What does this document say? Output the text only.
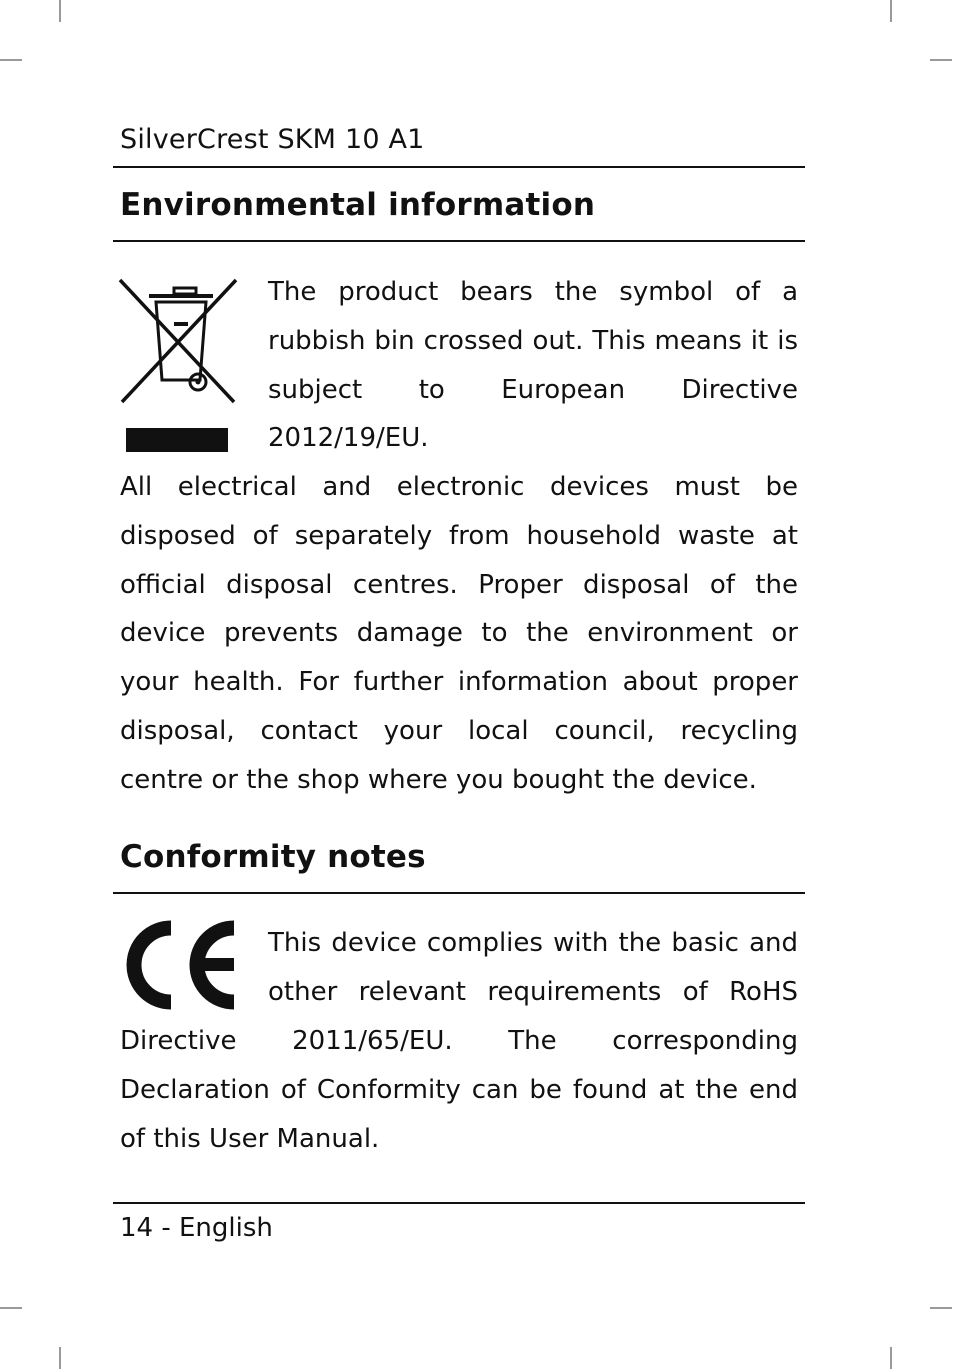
SilverCrest SKM 10 A1
Environmental information

The product bears the symbol of a rubbish bin crossed out. This means it is subject to European Directive 2012/19/EU.

All electrical and electronic devices must be disposed of separately from household waste at official disposal centres. Proper disposal of the device prevents damage to the environment or your health. For further information about proper disposal, contact your local council, recycling centre or the shop where you bought the device.

Conformity notes

This device complies with the basic and other relevant requirements of RoHS

Directive 2011/65/EU. The corresponding Declaration of Conformity can be found at the end of this User Manual.

14 - English
